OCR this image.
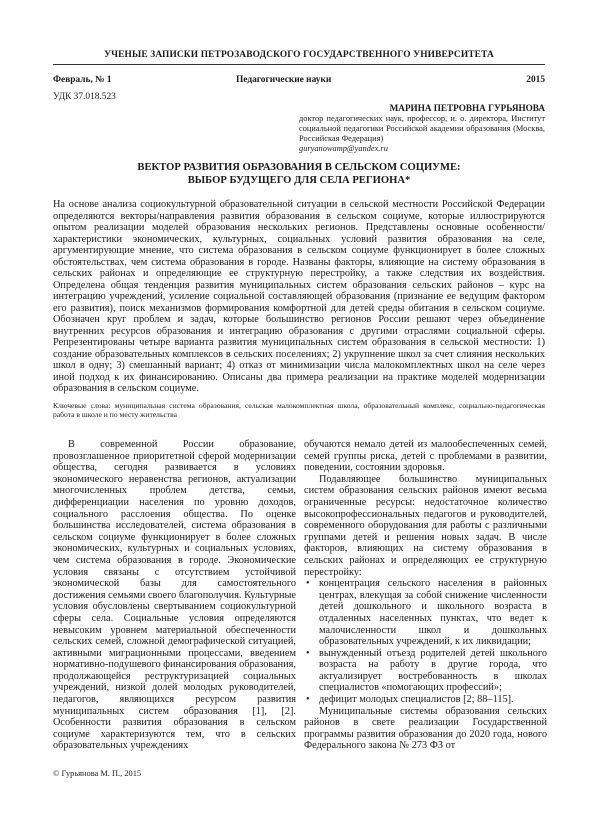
УЧЕНЫЕ ЗАПИСКИ ПЕТРОЗАВОДСКОГО ГОСУДАРСТВЕННОГО УНИВЕРСИТЕТА
Февраль, № 1	Педагогические науки	2015
УДК 37.018.523
МАРИНА ПЕТРОВНА ГУРЬЯНОВА
доктор педагогических наук, профессор, и. о. директора, Институт социальной педагогики Российской академии образования (Москва, Российская Федерация)
guryanowamp@yandex.ru
ВЕКТОР РАЗВИТИЯ ОБРАЗОВАНИЯ В СЕЛЬСКОМ СОЦИУМЕ:
ВЫБОР БУДУЩЕГО ДЛЯ СЕЛА РЕГИОНА*
На основе анализа социокультурной образовательной ситуации в сельской местности Российской Федерации определяются векторы/направления развития образования в сельском социуме, которые иллюстрируются опытом реализации моделей образования нескольких регионов. Представлены основные особенности/характеристики экономических, культурных, социальных условий развития образования на селе, аргументирующие мнение, что система образования в сельском социуме функционирует в более сложных обстоятельствах, чем система образования в городе. Названы факторы, влияющие на систему образования в сельских районах и определяющие ее структурную перестройку, а также следствия их воздействия. Определена общая тенденция развития муниципальных систем образования сельских районов – курс на интеграцию учреждений, усиление социальной составляющей образования (признание ее ведущим фактором его развития), поиск механизмов формирования комфортной для детей среды обитания в сельском социуме. Обозначен круг проблем и задач, которые большинство регионов России решают через объединение внутренних ресурсов образования и интеграцию образования с другими отраслями социальной сферы. Репрезентированы четыре варианта развития муниципальных систем образования в сельской местности: 1) создание образовательных комплексов в сельских поселениях; 2) укрупнение школ за счет слияния нескольких школ в одну; 3) смешанный вариант; 4) отказ от минимизации числа малокомплектных школ на селе через иной подход к их финансированию. Описаны два примера реализации на практике моделей модернизации образования в сельском социуме.
Ключевые слова: муниципальная система образования, сельская малокомплектная школа, образовательный комплекс, социально-педагогическая работа в школе и по месту жительства

В современной России образование, провозглашенное приоритетной сферой модернизации общества, сегодня развивается в условиях экономического неравенства регионов, актуализации многочисленных проблем детства, семьи, дифференциации населения по уровню доходов, социального расслоения общества. По оценке большинства исследователей, система образования в сельском социуме функционирует в более сложных экономических, культурных и социальных условиях, чем система образования в городе. Экономические условия связаны с отсутствием устойчивой экономической базы для самостоятельного достижения семьями своего благополучия. Культурные условия обусловлены свертыванием социокультурной сферы села. Социальные условия определяются невысоким уровнем материальной обеспеченности сельских семей, сложной демографической ситуацией, активными миграционными процессами, введением нормативно-подушевого финансирования образования, продолжающейся реструктуризацией социальных учреждений, низкой долей молодых руководителей, педагогов, являющихся ресурсом развития муниципальных систем образования [1], [2]. Особенности развития образования в сельском социуме характеризуются тем, что в сельских образовательных учреждениях

обучаются немало детей из малообеспеченных семей, семей группы риска, детей с проблемами в развитии, поведении, состоянии здоровья.

Подавляющее большинство муниципальных систем образования сельских районов имеют весьма ограниченные ресурсы: недостаточное количество высокопрофессиональных педагогов и руководителей, современного оборудования для работы с различными группами детей и решения новых задач. В числе факторов, влияющих на систему образования в сельских районах и определяющих ее структурную перестройку:

• концентрация сельского населения в районных центрах, влекущая за собой снижение численности детей дошкольного и школьного возраста в отдаленных населенных пунктах, что ведет к малочисленности школ и дошкольных образовательных учреждений, к их ликвидации;
• вынужденный отъезд родителей детей школьного возраста на работу в другие города, что актуализирует востребованность в школах специалистов «помогающих профессий»;
• дефицит молодых специалистов [2; 88–115].

Муниципальные системы образования сельских районов в свете реализации Государственной программы развития образования до 2020 года, нового Федерального закона № 273 ФЗ от

© Гурьянова М. П., 2015
